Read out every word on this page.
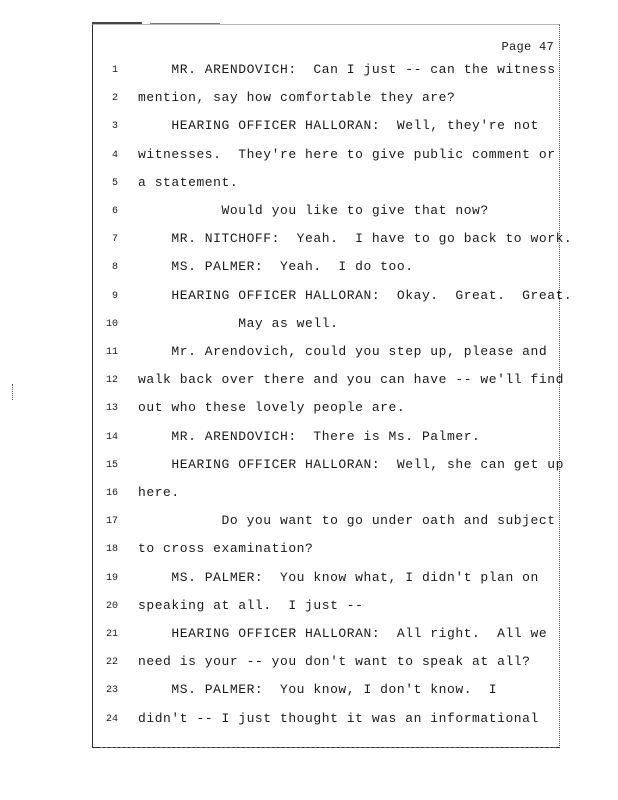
Page 47
1 MR. ARENDOVICH:  Can I just -- can the witness
2 mention, say how comfortable they are?
3 HEARING OFFICER HALLORAN:  Well, they're not
4 witnesses.  They're here to give public comment or
5 a statement.
6 Would you like to give that now?
7 MR. NITCHOFF:  Yeah.  I have to go back to work.
8 MS. PALMER:  Yeah.  I do too.
9 HEARING OFFICER HALLORAN:  Okay.  Great.  Great.
10 May as well.
11 Mr. Arendovich, could you step up, please and
12 walk back over there and you can have -- we'll find
13 out who these lovely people are.
14 MR. ARENDOVICH:  There is Ms. Palmer.
15 HEARING OFFICER HALLORAN:  Well, she can get up
16 here.
17 Do you want to go under oath and subject
18 to cross examination?
19 MS. PALMER:  You know what, I didn't plan on
20 speaking at all.  I just --
21 HEARING OFFICER HALLORAN:  All right.  All we
22 need is your -- you don't want to speak at all?
23 MS. PALMER:  You know, I don't know.  I
24 didn't -- I just thought it was an informational
